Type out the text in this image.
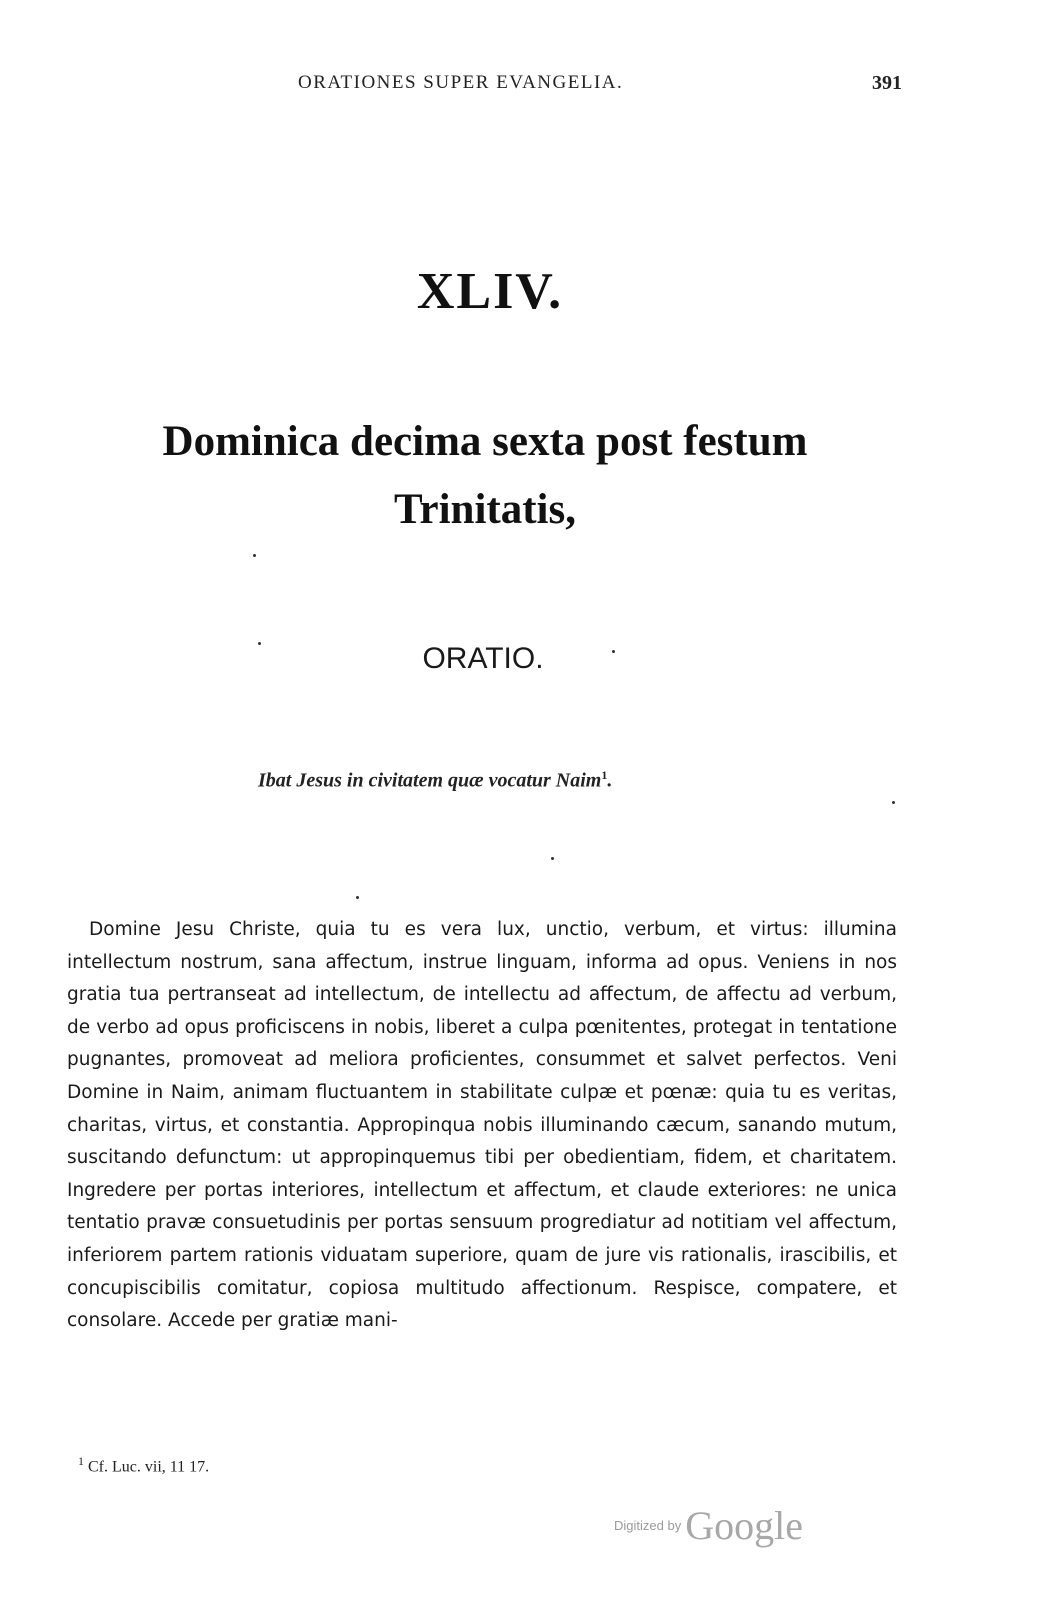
ORATIONES SUPER EVANGELIA.	391
XLIV.
Dominica decima sexta post festum Trinitatis,
ORATIO.
Ibat Jesus in civitatem quæ vocatur Naim$^1$.

Domine Jesu Christe, quia tu es vera lux, unctio, verbum, et virtus: illumina intellectum nostrum, sana affectum, instrue linguam, informa ad opus. Veniens in nos gratia tua pertranseat ad intellectum, de intellectu ad affectum, de affectu ad verbum, de verbo ad opus proficiscens in nobis, liberet a culpa pœnitentes, protegat in tentatione pugnantes, promoveat ad meliora proficientes, consummet et salvet perfectos. Veni Domine in Naim, animam fluctuantem in stabilitate culpæ et pœnæ: quia tu es veritas, charitas, virtus, et constantia. Appropinqua nobis illuminando cæcum, sanando mutum, suscitando defunctum: ut appropinquemus tibi per obedientiam, fidem, et charitatem. Ingredere per portas interiores, intellectum et affectum, et claude exteriores: ne unica tentatio pravæ consuetudinis per portas sensuum progrediatur ad notitiam vel affectum, inferiorem partem rationis viduatam superiore, quam de jure vis rationalis, irascibilis, et concupiscibilis comitatur, copiosa multitudo affectionum. Respisce, compatere, et consolare. Accede per gratiæ mani-

$^1$ Cf. Luc. vii, 11 17.
Digitized by Google
